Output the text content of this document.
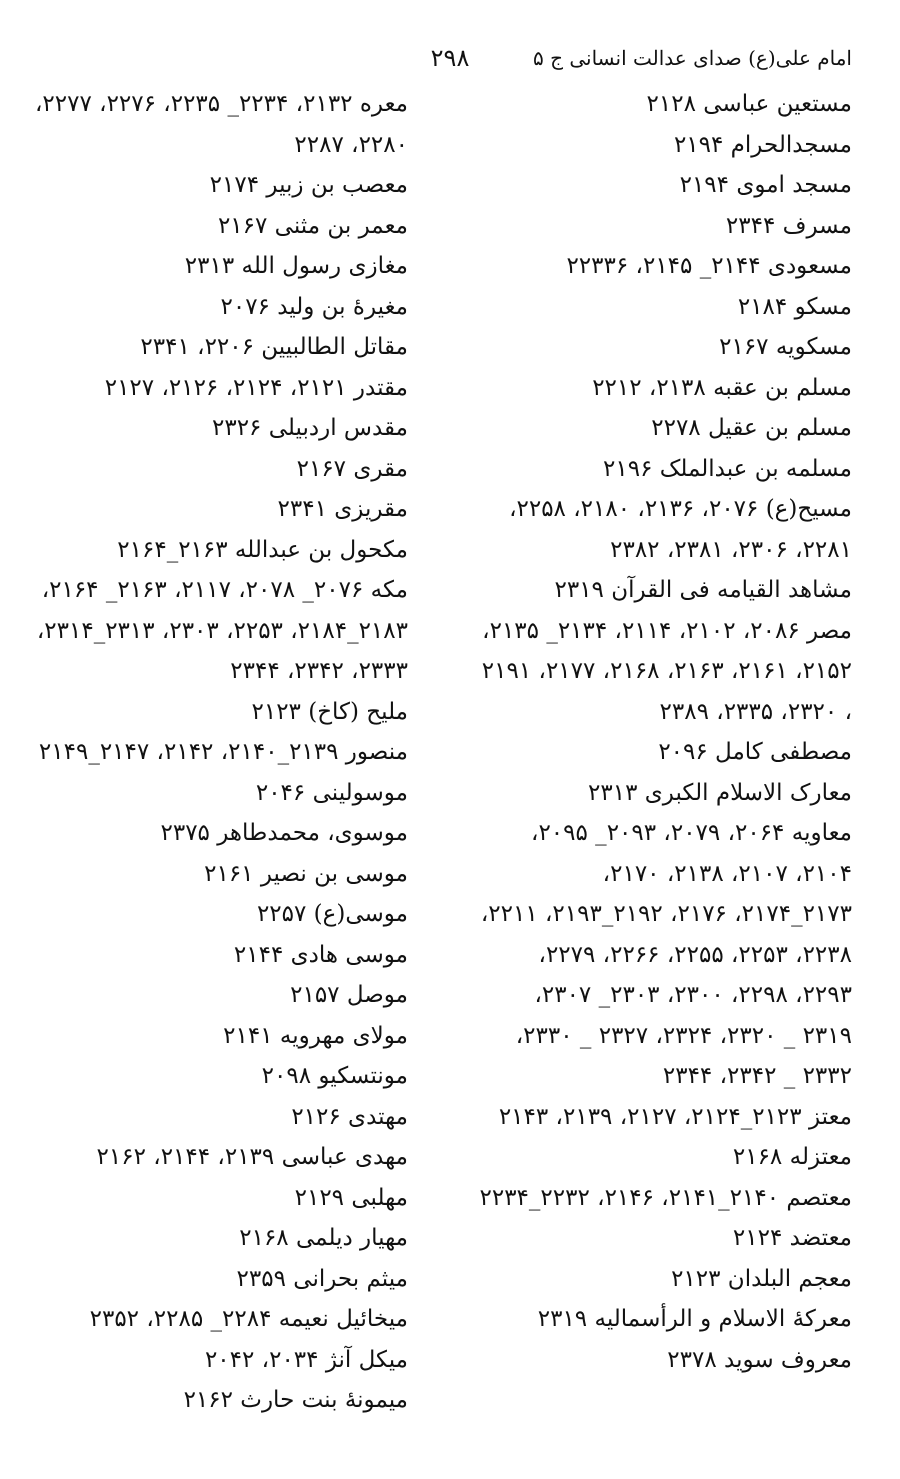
امام علی(ع) صدای عدالت انسانی ج ۵
۲۹۸
مستعین عباسی ۲۱۲۸
مسجدالحرام ۲۱۹۴
مسجد اموی ۲۱۹۴
مسرف ۲۳۴۴
مسعودی ۲۱۴۴_ ۲۱۴۵، ۲۲۳۳۶
مسکو ۲۱۸۴
مسکویه ۲۱۶۷
مسلم بن عقبه ۲۱۳۸، ۲۲۱۲
مسلم بن عقیل ۲۲۷۸
مسلمه بن عبدالملک ۲۱۹۶
مسیح(ع) ۲۰۷۶، ۲۱۳۶، ۲۱۸۰، ۲۲۵۸،
۲۲۸۱، ۲۳۰۶، ۲۳۸۱، ۲۳۸۲
مشاهد القیامه فی القرآن ۲۳۱۹
مصر ۲۰۸۶، ۲۱۰۲، ۲۱۱۴، ۲۱۳۴_ ۲۱۳۵،
۲۱۵۲، ۲۱۶۱، ۲۱۶۳، ۲۱۶۸، ۲۱۷۷، ۲۱۹۱
، ۲۳۲۰، ۲۳۳۵، ۲۳۸۹
مصطفی کامل ۲۰۹۶
معارک الاسلام الکبری ۲۳۱۳
معاویه ۲۰۶۴، ۲۰۷۹، ۲۰۹۳_ ۲۰۹۵،
۲۱۰۴، ۲۱۰۷، ۲۱۳۸، ۲۱۷۰،
۲۱۷۳_۲۱۷۴، ۲۱۷۶، ۲۱۹۲_۲۱۹۳، ۲۲۱۱،
۲۲۳۸، ۲۲۵۳، ۲۲۵۵، ۲۲۶۶، ۲۲۷۹،
۲۲۹۳، ۲۲۹۸، ۲۳۰۰، ۲۳۰۳_ ۲۳۰۷،
۲۳۱۹ _ ۲۳۲۰، ۲۳۲۴، ۲۳۲۷ _ ۲۳۳۰،
۲۳۳۲ _ ۲۳۴۲، ۲۳۴۴
معتز ۲۱۲۳_۲۱۲۴، ۲۱۲۷، ۲۱۳۹، ۲۱۴۳
معتزله ۲۱۶۸
معتصم ۲۱۴۰_۲۱۴۱، ۲۱۴۶، ۲۲۳۲_۲۲۳۴
معتضد ۲۱۲۴
معجم البلدان ۲۱۲۳
معرکهٔ الاسلام و الرأسمالیه ۲۳۱۹
معروف سوید ۲۳۷۸
معره ۲۱۳۲، ۲۲۳۴_ ۲۲۳۵، ۲۲۷۶، ۲۲۷۷،
۲۲۸۰، ۲۲۸۷
معصب بن زبیر ۲۱۷۴
معمر بن مثنی ۲۱۶۷
مغازی رسول الله ۲۳۱۳
مغیرهٔ بن ولید ۲۰۷۶
مقاتل الطالبیین ۲۲۰۶، ۲۳۴۱
مقتدر ۲۱۲۱، ۲۱۲۴، ۲۱۲۶، ۲۱۲۷
مقدس اردبیلی ۲۳۲۶
مقری ۲۱۶۷
مقریزی ۲۳۴۱
مکحول بن عبدالله ۲۱۶۳_۲۱۶۴
مکه ۲۰۷۶_ ۲۰۷۸، ۲۱۱۷، ۲۱۶۳_ ۲۱۶۴،
۲۱۸۳_۲۱۸۴، ۲۲۵۳، ۲۳۰۳، ۲۳۱۳_۲۳۱۴،
۲۳۳۳، ۲۳۴۲، ۲۳۴۴
ملیح (کاخ) ۲۱۲۳
منصور ۲۱۳۹_۲۱۴۰، ۲۱۴۲، ۲۱۴۷_۲۱۴۹
موسولینی ۲۰۴۶
موسوی، محمدطاهر ۲۳۷۵
موسی بن نصیر ۲۱۶۱
موسی(ع) ۲۲۵۷
موسی هادی ۲۱۴۴
موصل ۲۱۵۷
مولای مهرویه ۲۱۴۱
مونتسکیو ۲۰۹۸
مهتدی ۲۱۲۶
مهدی عباسی ۲۱۳۹، ۲۱۴۴، ۲۱۶۲
مهلبی ۲۱۲۹
مهیار دیلمی ۲۱۶۸
میثم بحرانی ۲۳۵۹
میخائیل نعیمه ۲۲۸۴_ ۲۲۸۵، ۲۳۵۲
میکل آنژ ۲۰۳۴، ۲۰۴۲
میمونهٔ بنت حارث ۲۱۶۲
